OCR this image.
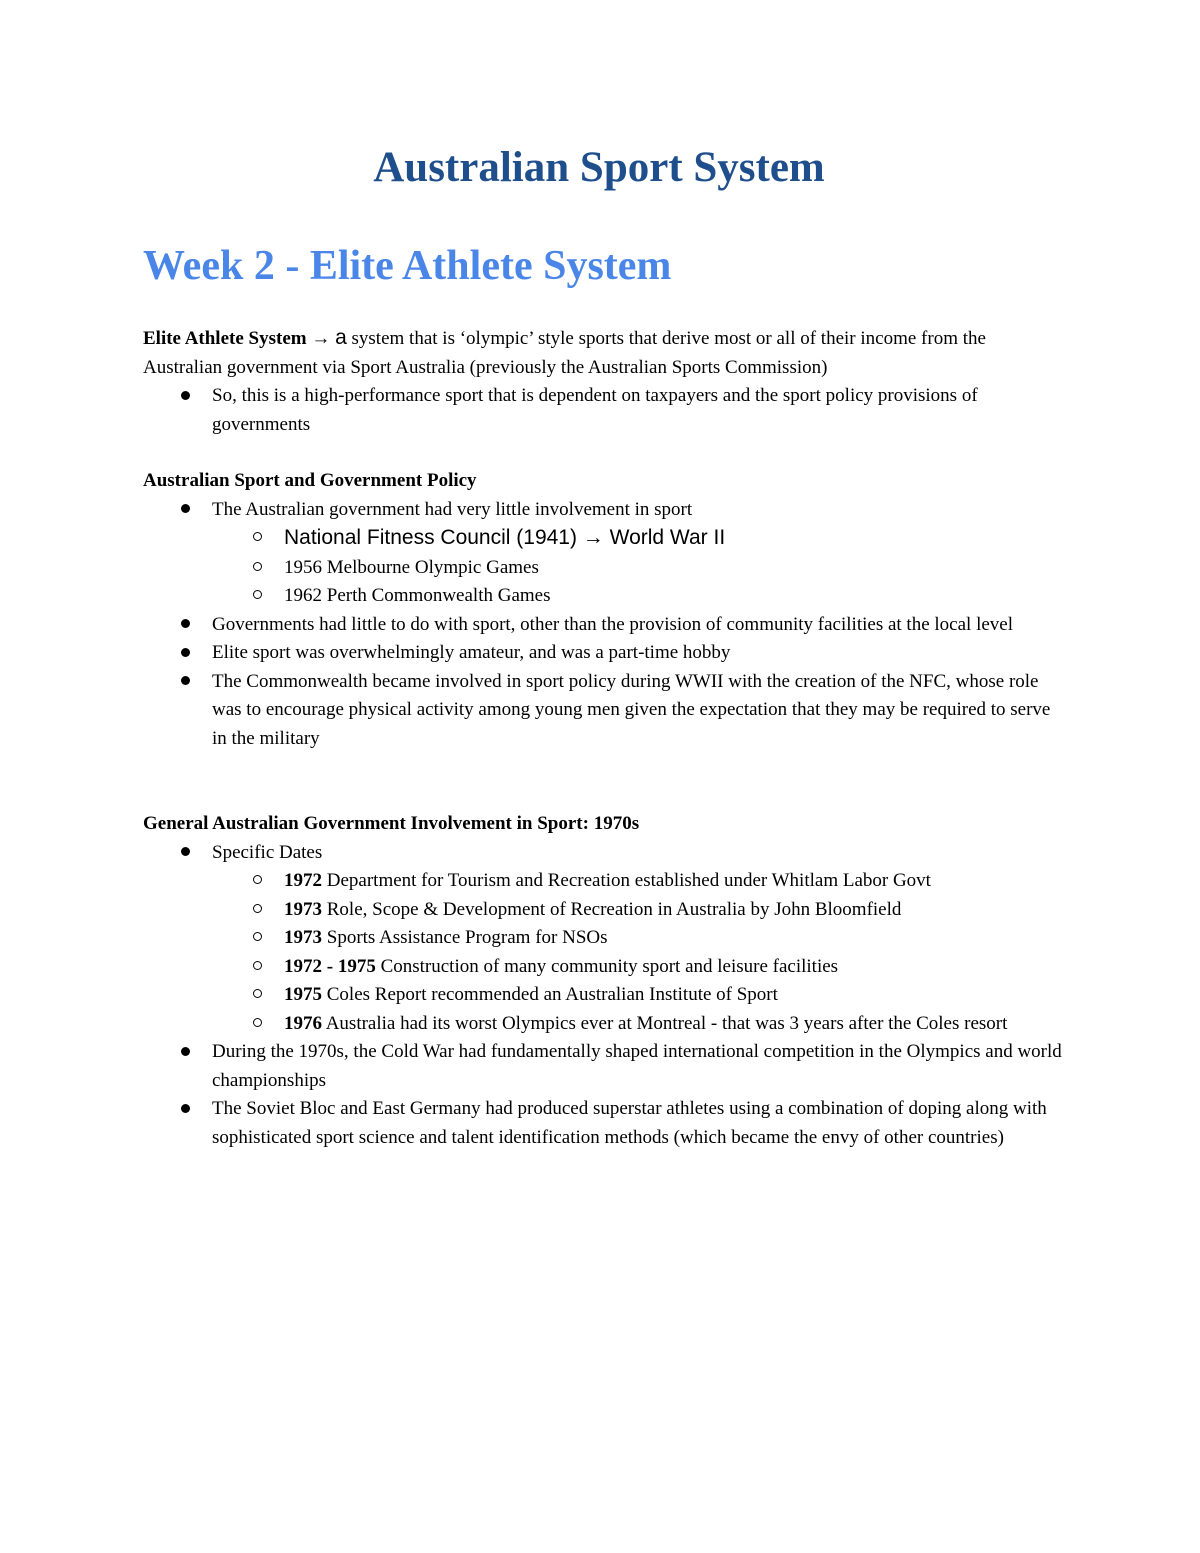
Australian Sport System
Week 2 - Elite Athlete System

Elite Athlete System → a system that is ‘olympic’ style sports that derive most or all of their income from the Australian government via Sport Australia (previously the Australian Sports Commission)

So, this is a high-performance sport that is dependent on taxpayers and the sport policy provisions of governments

Australian Sport and Government Policy

The Australian government had very little involvement in sport
National Fitness Council (1941) → World War II
1956 Melbourne Olympic Games
1962 Perth Commonwealth Games
Governments had little to do with sport, other than the provision of community facilities at the local level
Elite sport was overwhelmingly amateur, and was a part-time hobby
The Commonwealth became involved in sport policy during WWII with the creation of the NFC, whose role was to encourage physical activity among young men given the expectation that they may be required to serve in the military

General Australian Government Involvement in Sport: 1970s

Specific Dates
1972 Department for Tourism and Recreation established under Whitlam Labor Govt
1973 Role, Scope & Development of Recreation in Australia by John Bloomfield
1973 Sports Assistance Program for NSOs
1972 - 1975 Construction of many community sport and leisure facilities
1975 Coles Report recommended an Australian Institute of Sport
1976 Australia had its worst Olympics ever at Montreal - that was 3 years after the Coles resort
During the 1970s, the Cold War had fundamentally shaped international competition in the Olympics and world championships
The Soviet Bloc and East Germany had produced superstar athletes using a combination of doping along with sophisticated sport science and talent identification methods (which became the envy of other countries)
